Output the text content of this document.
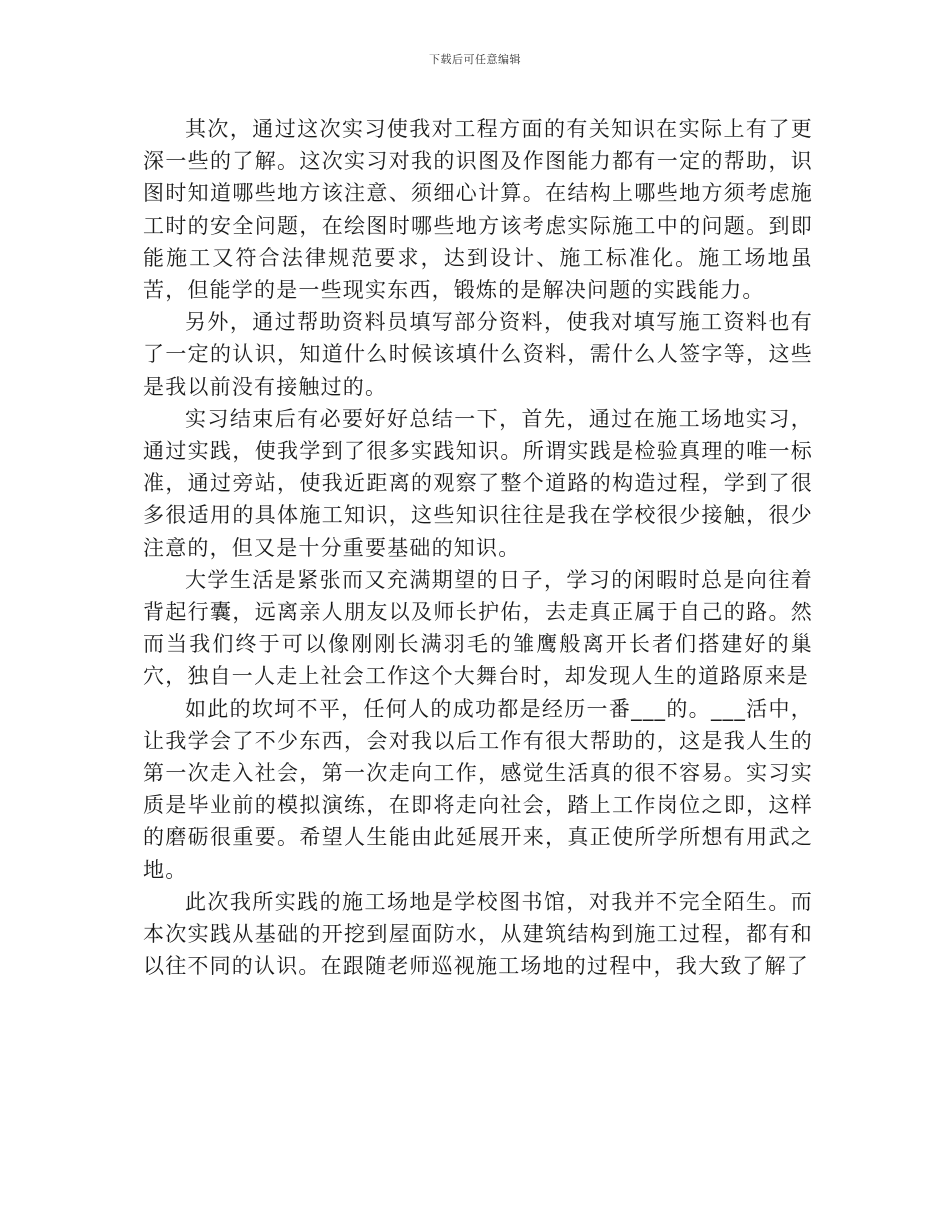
下载后可任意编辑

其次，通过这次实习使我对工程方面的有关知识在实际上有了更深一些的了解。这次实习对我的识图及作图能力都有一定的帮助，识图时知道哪些地方该注意、须细心计算。在结构上哪些地方须考虑施工时的安全问题，在绘图时哪些地方该考虑实际施工中的问题。到即能施工又符合法律规范要求，达到设计、施工标准化。施工场地虽苦，但能学的是一些现实东西，锻炼的是解决问题的实践能力。

另外，通过帮助资料员填写部分资料，使我对填写施工资料也有了一定的认识，知道什么时候该填什么资料，需什么人签字等，这些是我以前没有接触过的。

实习结束后有必要好好总结一下，首先，通过在施工场地实习，通过实践，使我学到了很多实践知识。所谓实践是检验真理的唯一标准，通过旁站，使我近距离的观察了整个道路的构造过程，学到了很多很适用的具体施工知识，这些知识往往是我在学校很少接触，很少注意的，但又是十分重要基础的知识。

大学生活是紧张而又充满期望的日子，学习的闲暇时总是向往着背起行囊，远离亲人朋友以及师长护佑，去走真正属于自己的路。然而当我们终于可以像刚刚长满羽毛的雏鹰般离开长者们搭建好的巢穴，独自一人走上社会工作这个大舞台时，却发现人生的道路原来是

如此的坎坷不平，任何人的成功都是经历一番___的。___活中，让我学会了不少东西，会对我以后工作有很大帮助的，这是我人生的第一次走入社会，第一次走向工作，感觉生活真的很不容易。实习实质是毕业前的模拟演练，在即将走向社会，踏上工作岗位之即，这样的磨砺很重要。希望人生能由此延展开来，真正使所学所想有用武之地。

此次我所实践的施工场地是学校图书馆，对我并不完全陌生。而本次实践从基础的开挖到屋面防水，从建筑结构到施工过程，都有和以往不同的认识。在跟随老师巡视施工场地的过程中，我大致了解了
